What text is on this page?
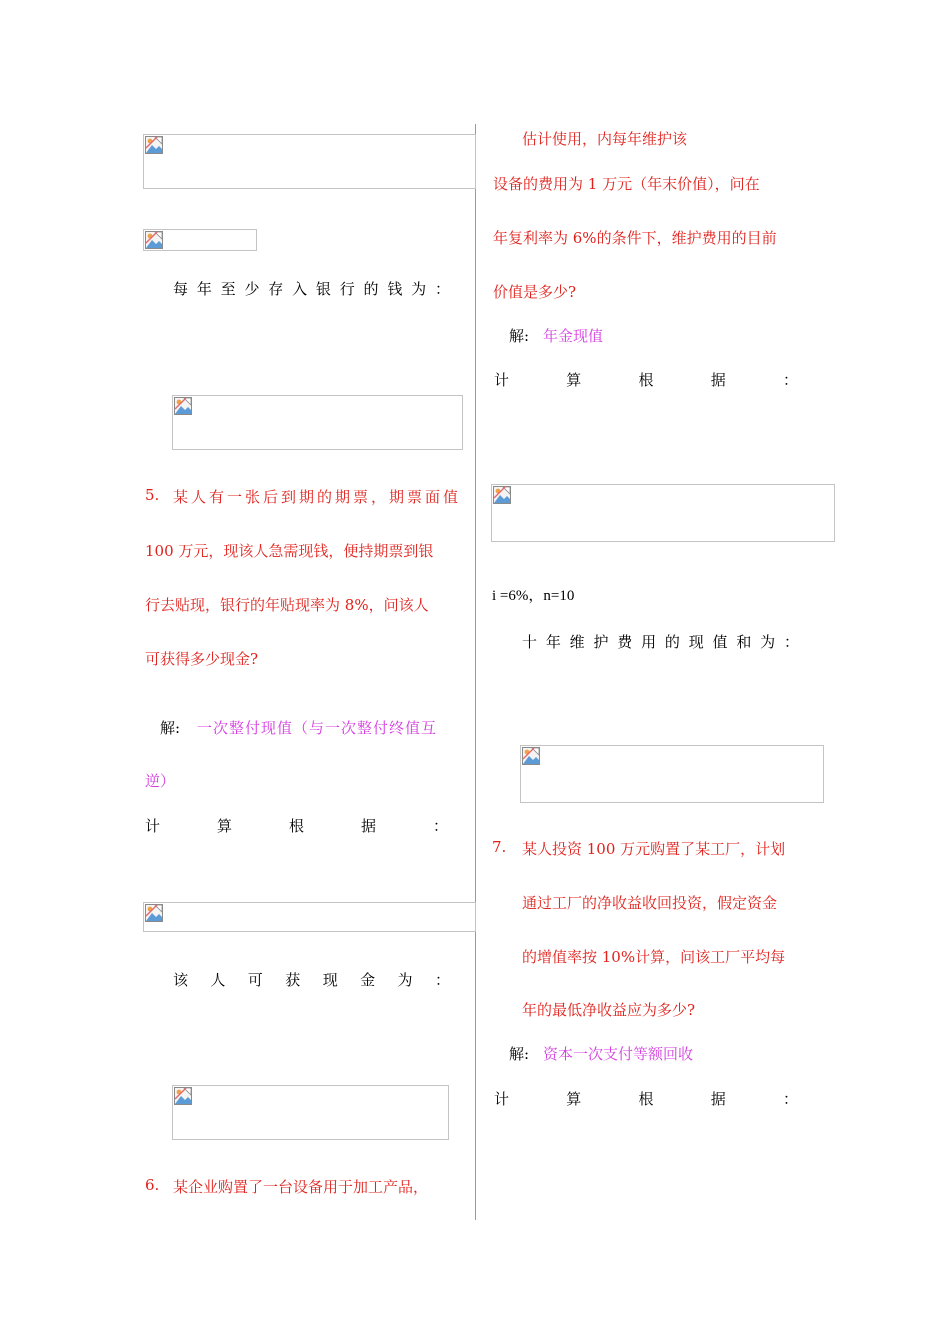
每 年 至 少 存 入 银 行 的 钱 为 ：
5. 某人有一张后到期的期票，期票面值
100 万元，现该人急需现钱，便持期票到银
行去贴现，银行的年贴现率为 8%，问该人
可获得多少现金?
解: 一次整付现值（与一次整付终值互
逆）
计	算	根	据	：
该 人 可 获 现 金 为 ：
6. 某企业购置了一台设备用于加工产品，
估计使用，内每年维护该
设备的费用为 1 万元（年末价值），问在
年复利率为 6%的条件下，维护费用的目前
价值是多少?
解: 年金现值
计	算	根	据	：
i =6%，n=10
十 年 维 护 费 用 的 现 值 和 为 ：
7. 某人投资 100 万元购置了某工厂，计划
通过工厂的净收益收回投资，假定资金
的增值率按 10%计算，问该工厂平均每
年的最低净收益应为多少?
解: 资本一次支付等额回收
计	算	根	据	：
